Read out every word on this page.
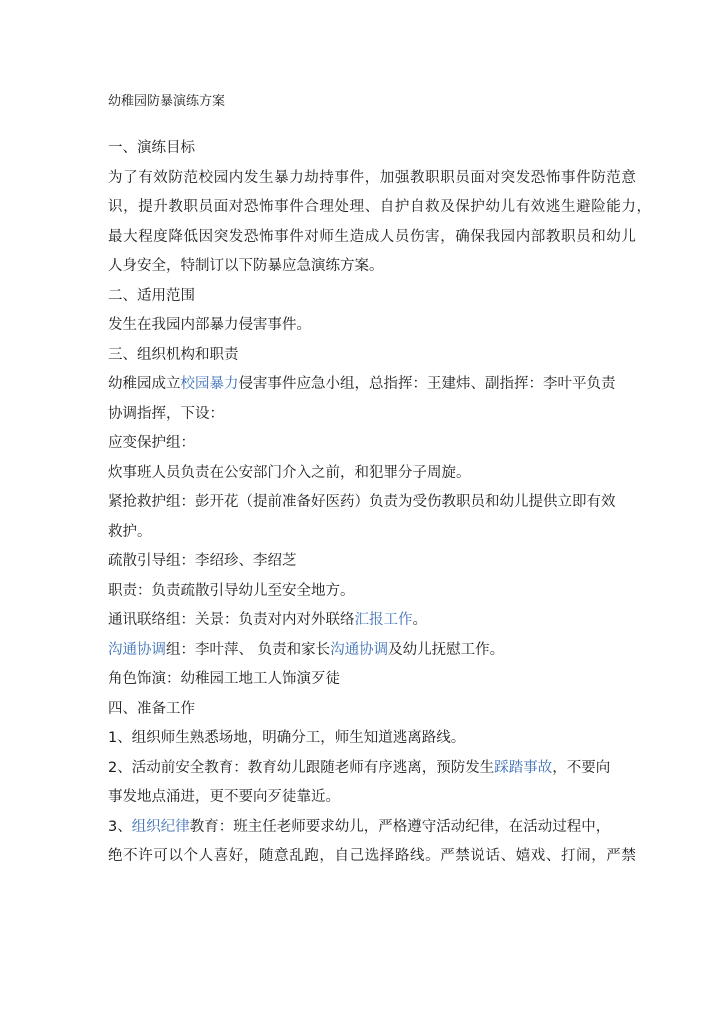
幼稚园防暴演练方案
一、演练目标
为了有效防范校园内发生暴力劫持事件，加强教职职员面对突发恐怖事件防范意
识，提升教职员面对恐怖事件合理处理、自护自救及保护幼儿有效逃生避险能力，
最大程度降低因突发恐怖事件对师生造成人员伤害，确保我园内部教职员和幼儿
人身安全，特制订以下防暴应急演练方案。
二、适用范围
发生在我园内部暴力侵害事件。
三、组织机构和职责
幼稚园成立校园暴力侵害事件应急小组，总指挥：王建炜、副指挥：李叶平负责
协调指挥，下设：
应变保护组：
炊事班人员负责在公安部门介入之前，和犯罪分子周旋。
紧抢救护组：彭开花（提前准备好医药）负责为受伤教职员和幼儿提供立即有效
救护。
疏散引导组：李绍珍、李绍芝
职责：负责疏散引导幼儿至安全地方。
通讯联络组：关景：负责对内对外联络汇报工作。
沟通协调组：李叶萍、 负责和家长沟通协调及幼儿抚慰工作。
角色饰演：幼稚园工地工人饰演歹徒
四、准备工作
1、组织师生熟悉场地，明确分工，师生知道逃离路线。
2、活动前安全教育：教育幼儿跟随老师有序逃离，预防发生踩踏事故，不要向
事发地点涌进，更不要向歹徒靠近。
3、组织纪律教育：班主任老师要求幼儿，严格遵守活动纪律，在活动过程中，
绝不许可以个人喜好，随意乱跑，自己选择路线。严禁说话、嬉戏、打闹，严禁
